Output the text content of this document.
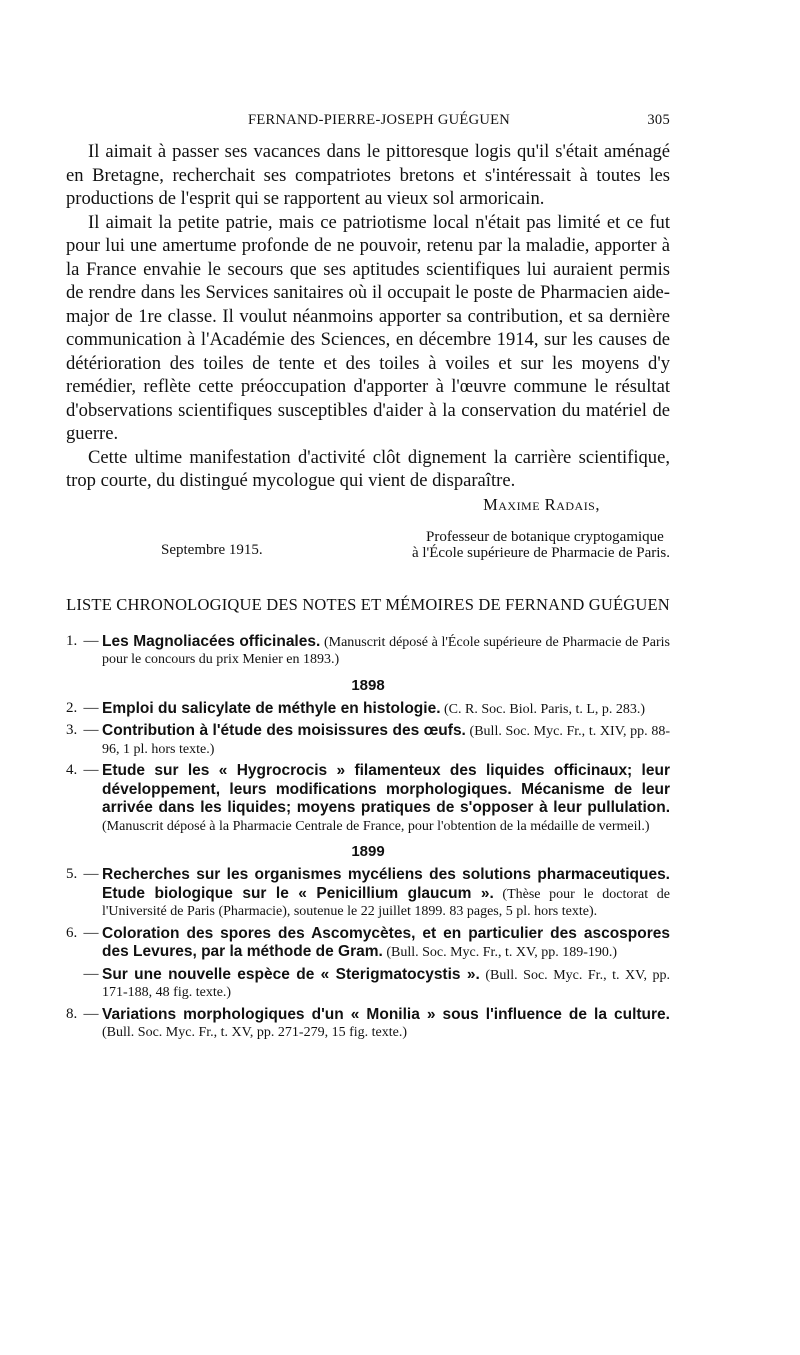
FERNAND-PIERRE-JOSEPH GUÉGUEN	305

Il aimait à passer ses vacances dans le pittoresque logis qu'il s'était aménagé en Bretagne, recherchait ses compatriotes bretons et s'intéressait à toutes les productions de l'esprit qui se rapportent au vieux sol armoricain.

Il aimait la petite patrie, mais ce patriotisme local n'était pas limité et ce fut pour lui une amertume profonde de ne pouvoir, retenu par la maladie, apporter à la France envahie le secours que ses aptitudes scientifiques lui auraient permis de rendre dans les Services sanitaires où il occupait le poste de Pharmacien aide-major de 1re classe. Il voulut néanmoins apporter sa contribution, et sa dernière communication à l'Académie des Sciences, en décembre 1914, sur les causes de détérioration des toiles de tente et des toiles à voiles et sur les moyens d'y remédier, reflète cette préoccupation d'apporter à l'œuvre commune le résultat d'observations scientifiques susceptibles d'aider à la conservation du matériel de guerre.

Cette ultime manifestation d'activité clôt dignement la carrière scientifique, trop courte, du distingué mycologue qui vient de disparaître.

Maxime Radais,
Septembre 1915.
Professeur de botanique cryptogamique
à l'École supérieure de Pharmacie de Paris.
LISTE CHRONOLOGIQUE DES NOTES ET MÉMOIRES DE FERNAND GUÉGUEN
1. — Les Magnoliacées officinales. (Manuscrit déposé à l'École supérieure de Pharmacie de Paris pour le concours du prix Menier en 1893.)
1898
2. — Emploi du salicylate de méthyle en histologie. (C. R. Soc. Biol. Paris, t. L, p. 283.)
3. — Contribution à l'étude des moisissures des œufs. (Bull. Soc. Myc. Fr., t. XIV, pp. 88-96, 1 pl. hors texte.)
4. — Etude sur les « Hygrocrocis » filamenteux des liquides officinaux; leur développement, leurs modifications morphologiques. Mécanisme de leur arrivée dans les liquides; moyens pratiques de s'opposer à leur pullulation. (Manuscrit déposé à la Pharmacie Centrale de France, pour l'obtention de la médaille de vermeil.)
1899
5. — Recherches sur les organismes mycéliens des solutions pharmaceutiques. Etude biologique sur le « Penicillium glaucum ». (Thèse pour le doctorat de l'Université de Paris (Pharmacie), soutenue le 22 juillet 1899. 83 pages, 5 pl. hors texte).
6. — Coloration des spores des Ascomycètes, et en particulier des ascospores des Levures, par la méthode de Gram. (Bull. Soc. Myc. Fr., t. XV, pp. 189-190.)
— Sur une nouvelle espèce de « Sterigmatocystis ». (Bull. Soc. Myc. Fr., t. XV, pp. 171-188, 48 fig. texte.)
8. — Variations morphologiques d'un « Monilia » sous l'influence de la culture. (Bull. Soc. Myc. Fr., t. XV, pp. 271-279, 15 fig. texte.)
